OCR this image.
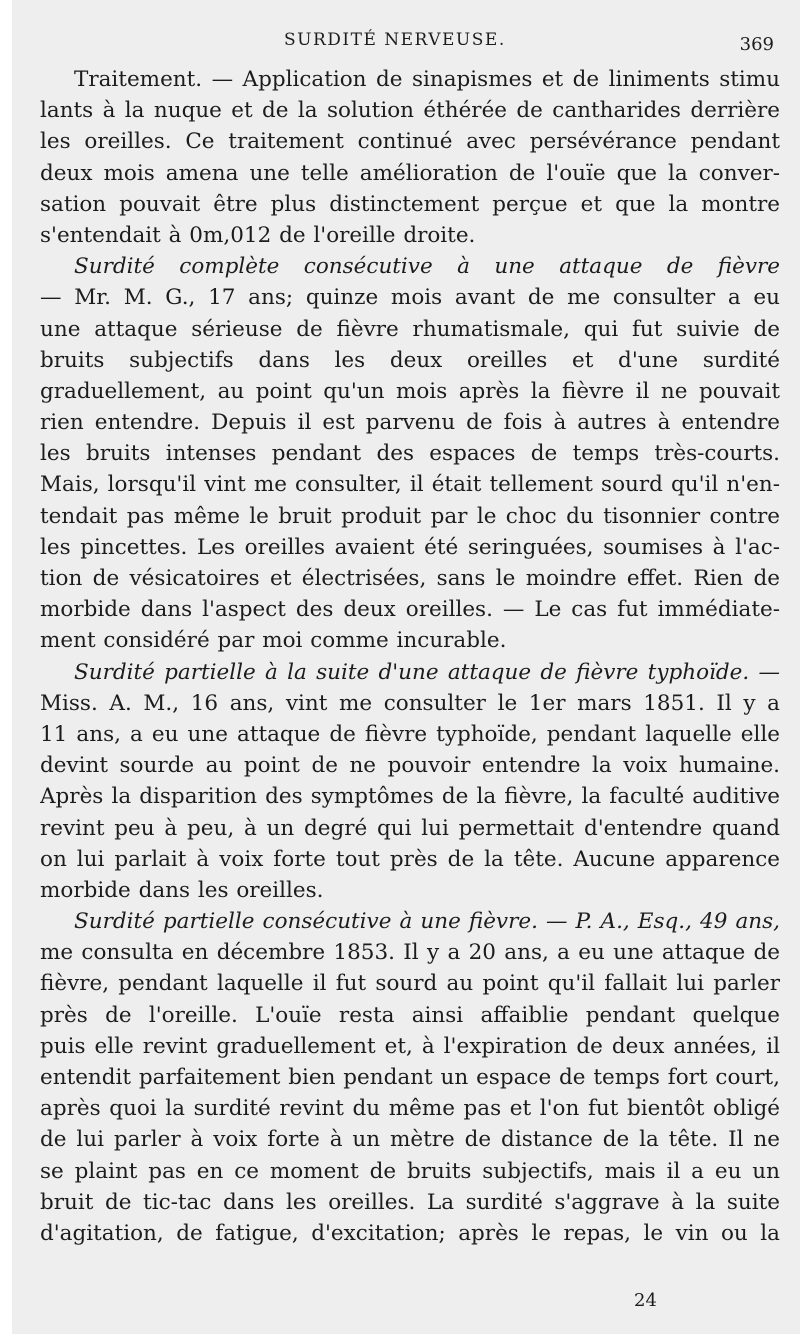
SURDITÉ NERVEUSE.	369
Traitement. — Application de sinapismes et de liniments stimu
lants à la nuque et de la solution éthérée de cantharides derrière
les oreilles. Ce traitement continué avec persévérance pendant
deux mois amena une telle amélioration de l'ouïe que la conver-
sation pouvait être plus distinctement perçue et que la montre
s'entendait à 0m,012 de l'oreille droite.
Surdité complète consécutive à une attaque de fièvre
— Mr. M. G., 17 ans; quinze mois avant de me consulter a eu
une attaque sérieuse de fièvre rhumatismale, qui fut suivie de
bruits subjectifs dans les deux oreilles et d'une surdité
graduellement, au point qu'un mois après la fièvre il ne pouvait
rien entendre. Depuis il est parvenu de fois à autres à entendre
les bruits intenses pendant des espaces de temps très-courts.
Mais, lorsqu'il vint me consulter, il était tellement sourd qu'il n'en-
tendait pas même le bruit produit par le choc du tisonnier contre
les pincettes. Les oreilles avaient été seringuées, soumises à l'ac-
tion de vésicatoires et électrisées, sans le moindre effet. Rien de
morbide dans l'aspect des deux oreilles. — Le cas fut immédiate-
ment considéré par moi comme incurable.
Surdité partielle à la suite d'une attaque de fièvre typhoïde. —
Miss. A. M., 16 ans, vint me consulter le 1er mars 1851. Il y a
11 ans, a eu une attaque de fièvre typhoïde, pendant laquelle elle
devint sourde au point de ne pouvoir entendre la voix humaine.
Après la disparition des symptômes de la fièvre, la faculté auditive
revint peu à peu, à un degré qui lui permettait d'entendre quand
on lui parlait à voix forte tout près de la tête. Aucune apparence
morbide dans les oreilles.
Surdité partielle consécutive à une fièvre. — P. A., Esq., 49 ans,
me consulta en décembre 1853. Il y a 20 ans, a eu une attaque de
fièvre, pendant laquelle il fut sourd au point qu'il fallait lui parler
près de l'oreille. L'ouïe resta ainsi affaiblie pendant quelque
puis elle revint graduellement et, à l'expiration de deux années, il
entendit parfaitement bien pendant un espace de temps fort court,
après quoi la surdité revint du même pas et l'on fut bientôt obligé
de lui parler à voix forte à un mètre de distance de la tête. Il ne
se plaint pas en ce moment de bruits subjectifs, mais il a eu un
bruit de tic-tac dans les oreilles. La surdité s'aggrave à la suite
d'agitation, de fatigue, d'excitation; après le repas, le vin ou la
24
